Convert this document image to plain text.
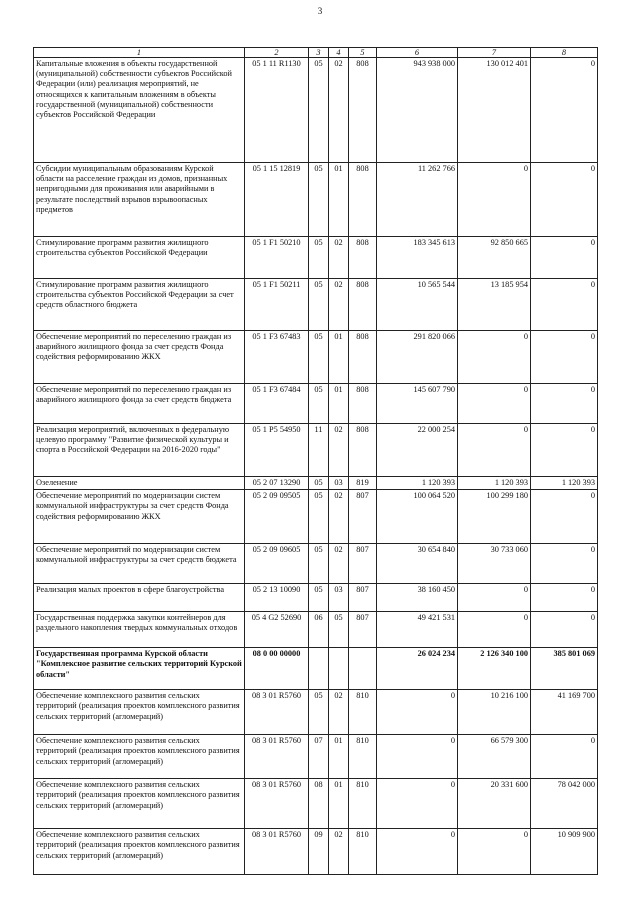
3
1	2	3	4	5	6	7	8
Капитальные вложения в объекты государственной (муниципальной) собственности субъектов Российской Федерации (или) реализация мероприятий, не относящихся к капитальным вложениям в объекты государственной (муниципальной) собственности субъектов Российской Федерации	05 1 11 R1130	05	02	808	943 938 000	130 012 401	0
Субсидии муниципальным образованиям Курской области на расселение граждан из домов, признанных непригодными для проживания или аварийными в результате последствий взрывов взрывоопасных предметов	05 1 15 12819	05	01	808	11 262 766	0	0
Стимулирование программ развития жилищного строительства субъектов Российской Федерации	05 1 F1 50210	05	02	808	183 345 613	92 850 665	0
Стимулирование программ развития жилищного строительства субъектов Российской Федерации за счет средств областного бюджета	05 1 F1 50211	05	02	808	10 565 544	13 185 954	0
Обеспечение мероприятий по переселению граждан из аварийного жилищного фонда за счет средств Фонда содействия реформированию ЖКХ	05 1 F3 67483	05	01	808	291 820 066	0	0
Обеспечение мероприятий по переселению граждан из аварийного жилищного фонда за счет средств бюджета	05 1 F3 67484	05	01	808	145 607 790	0	0
Реализация мероприятий, включенных в федеральную целевую программу "Развитие физической культуры и спорта в Российской Федерации на 2016-2020 годы"	05 1 P5 54950	11	02	808	22 000 254	0	0
Озеленение	05 2 07 13290	05	03	819	1 120 393	1 120 393	1 120 393
Обеспечение мероприятий по модернизации систем коммунальной инфраструктуры за счет средств Фонда содействия реформированию ЖКХ	05 2 09 09505	05	02	807	100 064 520	100 299 180	0
Обеспечение мероприятий по модернизации систем коммунальной инфраструктуры за счет средств бюджета	05 2 09 09605	05	02	807	30 654 840	30 733 060	0
Реализация малых проектов в сфере благоустройства	05 2 13 10090	05	03	807	38 160 450	0	0
Государственная поддержка закупки контейнеров для раздельного накопления твердых коммунальных отходов	05 4 G2 52690	06	05	807	49 421 531	0	0
Государственная программа Курской области "Комплексное развитие сельских территорий Курской области"	08 0 00 00000				26 024 234	2 126 340 100	385 801 069
Обеспечение комплексного развития сельских территорий (реализация проектов комплексного развития сельских территорий (агломераций)	08 3 01 R5760	05	02	810	0	10 216 100	41 169 700
Обеспечение комплексного развития сельских территорий (реализация проектов комплексного развития сельских территорий (агломераций)	08 3 01 R5760	07	01	810	0	66 579 300	0
Обеспечение комплексного развития сельских территорий (реализация проектов комплексного развития сельских территорий (агломераций)	08 3 01 R5760	08	01	810	0	20 331 600	78 042 000
Обеспечение комплексного развития сельских территорий (реализация проектов комплексного развития сельских территорий (агломераций)	08 3 01 R5760	09	02	810	0	0	10 909 900
